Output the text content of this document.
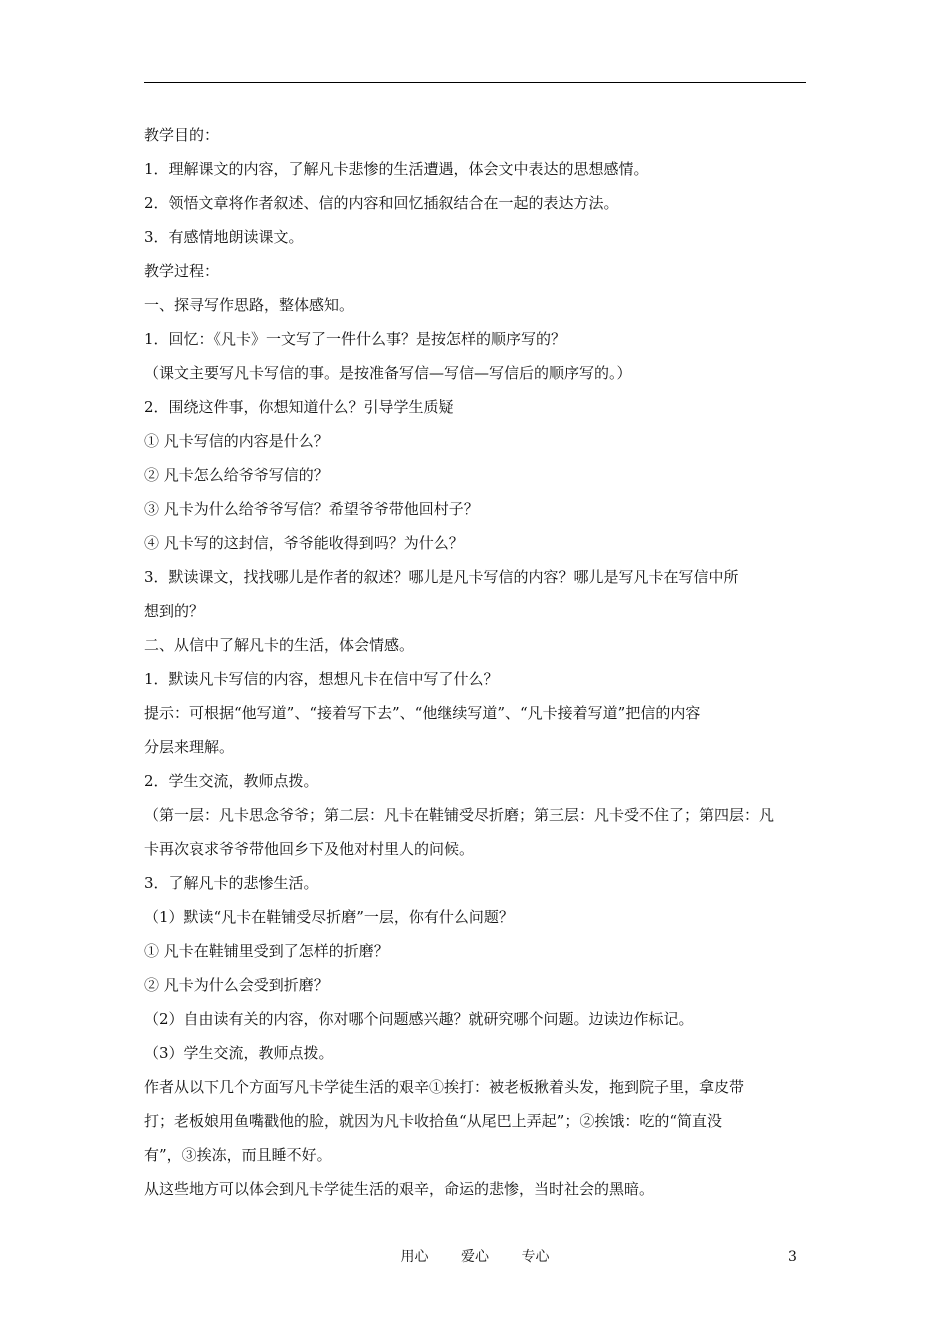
教学目的：
1．理解课文的内容，了解凡卡悲惨的生活遭遇，体会文中表达的思想感情。
2．领悟文章将作者叙述、信的内容和回忆插叙结合在一起的表达方法。
3．有感情地朗读课文。
教学过程：
一、探寻写作思路，整体感知。
1．回忆：《凡卡》一文写了一件什么事？是按怎样的顺序写的？
（课文主要写凡卡写信的事。是按准备写信—写信—写信后的顺序写的。）
2．围绕这件事，你想知道什么？引导学生质疑
① 凡卡写信的内容是什么？
② 凡卡怎么给爷爷写信的？
③ 凡卡为什么给爷爷写信？希望爷爷带他回村子？
④ 凡卡写的这封信，爷爷能收得到吗？为什么？
3．默读课文，找找哪儿是作者的叙述？哪儿是凡卡写信的内容？哪儿是写凡卡在写信中所
想到的？
二、从信中了解凡卡的生活，体会情感。
1．默读凡卡写信的内容，想想凡卡在信中写了什么？
提示：可根据“他写道”、“接着写下去”、“他继续写道”、“凡卡接着写道”把信的内容
分层来理解。
2．学生交流，教师点拨。
（第一层：凡卡思念爷爷；第二层：凡卡在鞋铺受尽折磨；第三层：凡卡受不住了；第四层：凡
卡再次哀求爷爷带他回乡下及他对村里人的问候。
3．了解凡卡的悲惨生活。
（1）默读“凡卡在鞋铺受尽折磨”一层，你有什么问题？
① 凡卡在鞋铺里受到了怎样的折磨？
② 凡卡为什么会受到折磨？
（2）自由读有关的内容，你对哪个问题感兴趣？就研究哪个问题。边读边作标记。
（3）学生交流，教师点拨。
作者从以下几个方面写凡卡学徒生活的艰辛①挨打：被老板揪着头发，拖到院子里，拿皮带
打；老板娘用鱼嘴戳他的脸，就因为凡卡收拾鱼“从尾巴上弄起”；②挨饿：吃的“简直没
有”，③挨冻，而且睡不好。
从这些地方可以体会到凡卡学徒生活的艰辛，命运的悲惨，当时社会的黑暗。
用心 爱心 专心	3
